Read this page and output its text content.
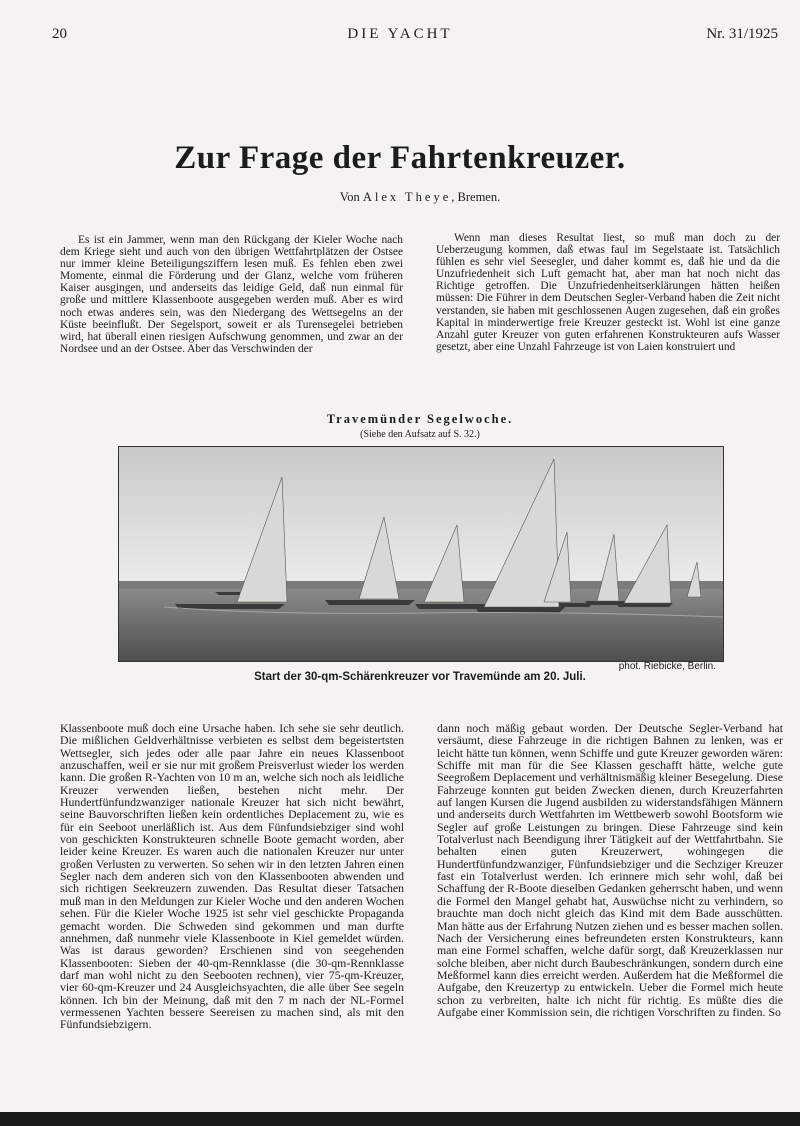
20	DIE YACHT	Nr. 31/1925
Zur Frage der Fahrtenkreuzer.
Von Alex Theye, Bremen.

Es ist ein Jammer, wenn man den Rückgang der Kieler Woche nach dem Kriege sieht und auch von den übrigen Wettfahrtplätzen der Ostsee nur immer kleine Beteiligungsziffern lesen muß. Es fehlen eben zwei Momente, einmal die Förderung und der Glanz, welche vom früheren Kaiser ausgingen, und anderseits das leidige Geld, daß nun einmal für große und mittlere Klassenboote ausgegeben werden muß. Aber es wird noch etwas anderes sein, was den Niedergang des Wettsegelns an der Küste beeinflußt. Der Segelsport, soweit er als Turensegelei betrieben wird, hat überall einen riesigen Aufschwung genommen, und zwar an der Nordsee und an der Ostsee. Aber das Verschwinden der

Wenn man dieses Resultat liest, so muß man doch zu der Ueberzeugung kommen, daß etwas faul im Segelstaate ist. Tatsächlich fühlen es sehr viel Seesegler, und daher kommt es, daß hie und da die Unzufriedenheit sich Luft gemacht hat, aber man hat noch nicht das Richtige getroffen. Die Unzufriedenheitserklärungen hätten heißen müssen: Die Führer in dem Deutschen Segler-Verband haben die Zeit nicht verstanden, sie haben mit geschlossenen Augen zugesehen, daß ein großes Kapital in minderwertige freie Kreuzer gesteckt ist. Wohl ist eine ganze Anzahl guter Kreuzer von guten erfahrenen Konstrukteuren aufs Wasser gesetzt, aber eine Unzahl Fahrzeuge ist von Laien konstruiert und

Travemünder Segelwoche.
(Siehe den Aufsatz auf S. 32.)
phot. Riebicke, Berlin.
Start der 30-qm-Schärenkreuzer vor Travemünde am 20. Juli.

Klassenboote muß doch eine Ursache haben. Ich sehe sie sehr deutlich. Die mißlichen Geldverhältnisse verbieten es selbst dem begeistertsten Wettsegler, sich jedes oder alle paar Jahre ein neues Klassenboot anzuschaffen, weil er sie nur mit großem Preisverlust wieder los werden kann. Die großen R-Yachten von 10 m an, welche sich noch als leidliche Kreuzer verwenden ließen, bestehen nicht mehr. Der Hundertfünfundzwanziger nationale Kreuzer hat sich nicht bewährt, seine Bauvorschriften ließen kein ordentliches Deplacement zu, wie es für ein Seeboot unerläßlich ist. Aus dem Fünfundsiebziger sind wohl von geschickten Konstrukteuren schnelle Boote gemacht worden, aber leider keine Kreuzer. Es waren auch die nationalen Kreuzer nur unter großen Verlusten zu verwerten. So sehen wir in den letzten Jahren einen Segler nach dem anderen sich von den Klassenbooten abwenden und sich richtigen Seekreuzern zuwenden. Das Resultat dieser Tatsachen muß man in den Meldungen zur Kieler Woche und den anderen Wochen sehen. Für die Kieler Woche 1925 ist sehr viel geschickte Propaganda gemacht worden. Die Schweden sind gekommen und man durfte annehmen, daß nunmehr viele Klassenboote in Kiel gemeldet würden. Was ist daraus geworden? Erschienen sind von seegehenden Klassenbooten: Sieben der 40-qm-Rennklasse (die 30-qm-Rennklasse darf man wohl nicht zu den Seebooten rechnen), vier 75-qm-Kreuzer, vier 60-qm-Kreuzer und 24 Ausgleichsyachten, die alle über See segeln können. Ich bin der Meinung, daß mit den 7 m nach der NL-Formel vermessenen Yachten bessere Seereisen zu machen sind, als mit den Fünfundsiebzigern.

dann noch mäßig gebaut worden. Der Deutsche Segler-Verband hat versäumt, diese Fahrzeuge in die richtigen Bahnen zu lenken, was er leicht hätte tun können, wenn Schiffe und gute Kreuzer geworden wären: Schiffe mit man für die See Klassen geschafft hätte, welche gute Seegroßem Deplacement und verhältnismäßig kleiner Besegelung. Diese Fahrzeuge konnten gut beiden Zwecken dienen, durch Kreuzerfahrten auf langen Kursen die Jugend ausbilden zu widerstandsfähigen Männern und anderseits durch Wettfahrten im Wettbewerb sowohl Bootsform wie Segler auf große Leistungen zu bringen. Diese Fahrzeuge sind kein Totalverlust nach Beendigung ihrer Tätigkeit auf der Wettfahrtbahn. Sie behalten einen guten Kreuzerwert, wohingegen die Hundertfünfundzwanziger, Fünfundsiebziger und die Sechziger Kreuzer fast ein Totalverlust werden. Ich erinnere mich sehr wohl, daß bei Schaffung der R-Boote dieselben Gedanken geherrscht haben, und wenn die Formel den Mangel gehabt hat, Auswüchse nicht zu verhindern, so brauchte man doch nicht gleich das Kind mit dem Bade ausschütten. Man hätte aus der Erfahrung Nutzen ziehen und es besser machen sollen. Nach der Versicherung eines befreundeten ersten Konstrukteurs, kann man eine Formel schaffen, welche dafür sorgt, daß Kreuzerklassen nur solche bleiben, aber nicht durch Baubeschränkungen, sondern durch eine Meßformel kann dies erreicht werden. Außerdem hat die Meßformel die Aufgabe, den Kreuzertyp zu entwickeln. Ueber die Formel mich heute schon zu verbreiten, halte ich nicht für richtig. Es müßte dies die Aufgabe einer Kommission sein, die richtigen Vorschriften zu finden. So
